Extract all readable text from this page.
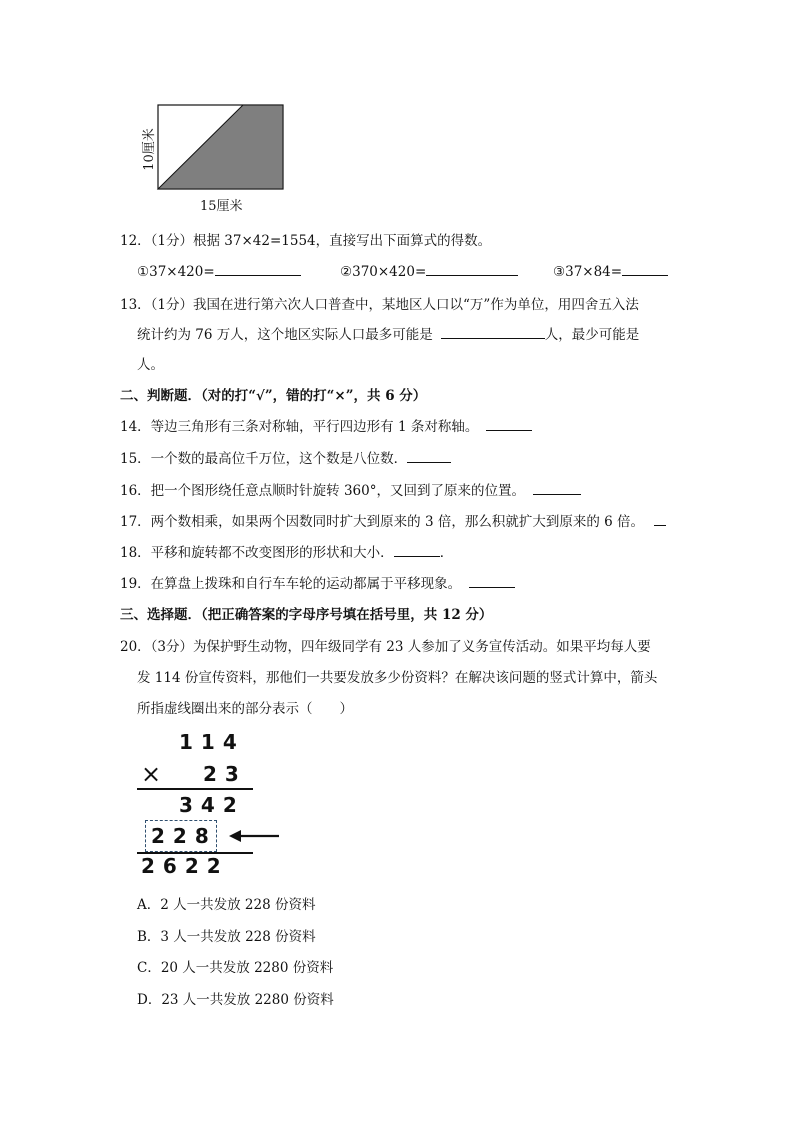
10厘米
15厘米
12．（1分）根据 37×42=1554，直接写出下面算式的得数。
①37×420=	②370×420=	③37×84=
13．（1分）我国在进行第六次人口普查中，某地区人口以“万”作为单位，用四舍五入法
统计约为 76 万人，这个地区实际人口最多可能是	人，最少可能是
人。
二、判断题．（对的打“√”，错的打“×”，共 6 分）
14．等边三角形有三条对称轴，平行四边形有 1 条对称轴。
15．一个数的最高位千万位，这个数是八位数．
16．把一个图形绕任意点顺时针旋转 360°，又回到了原来的位置。
17．两个数相乘，如果两个因数同时扩大到原来的 3 倍，那么积就扩大到原来的 6 倍。
18．平移和旋转都不改变图形的形状和大小．	．
19．在算盘上拨珠和自行车车轮的运动都属于平移现象。
三、选择题．（把正确答案的字母序号填在括号里，共 12 分）
20．（3分）为保护野生动物，四年级同学有 23 人参加了义务宣传活动。如果平均每人要
发 114 份宣传资料，那他们一共要发放多少份资料？在解决该问题的竖式计算中，箭头
所指虚线圈出来的部分表示（　　）
114
× 23
342
228
2622
A．2 人一共发放 228 份资料
B．3 人一共发放 228 份资料
C．20 人一共发放 2280 份资料
D．23 人一共发放 2280 份资料
